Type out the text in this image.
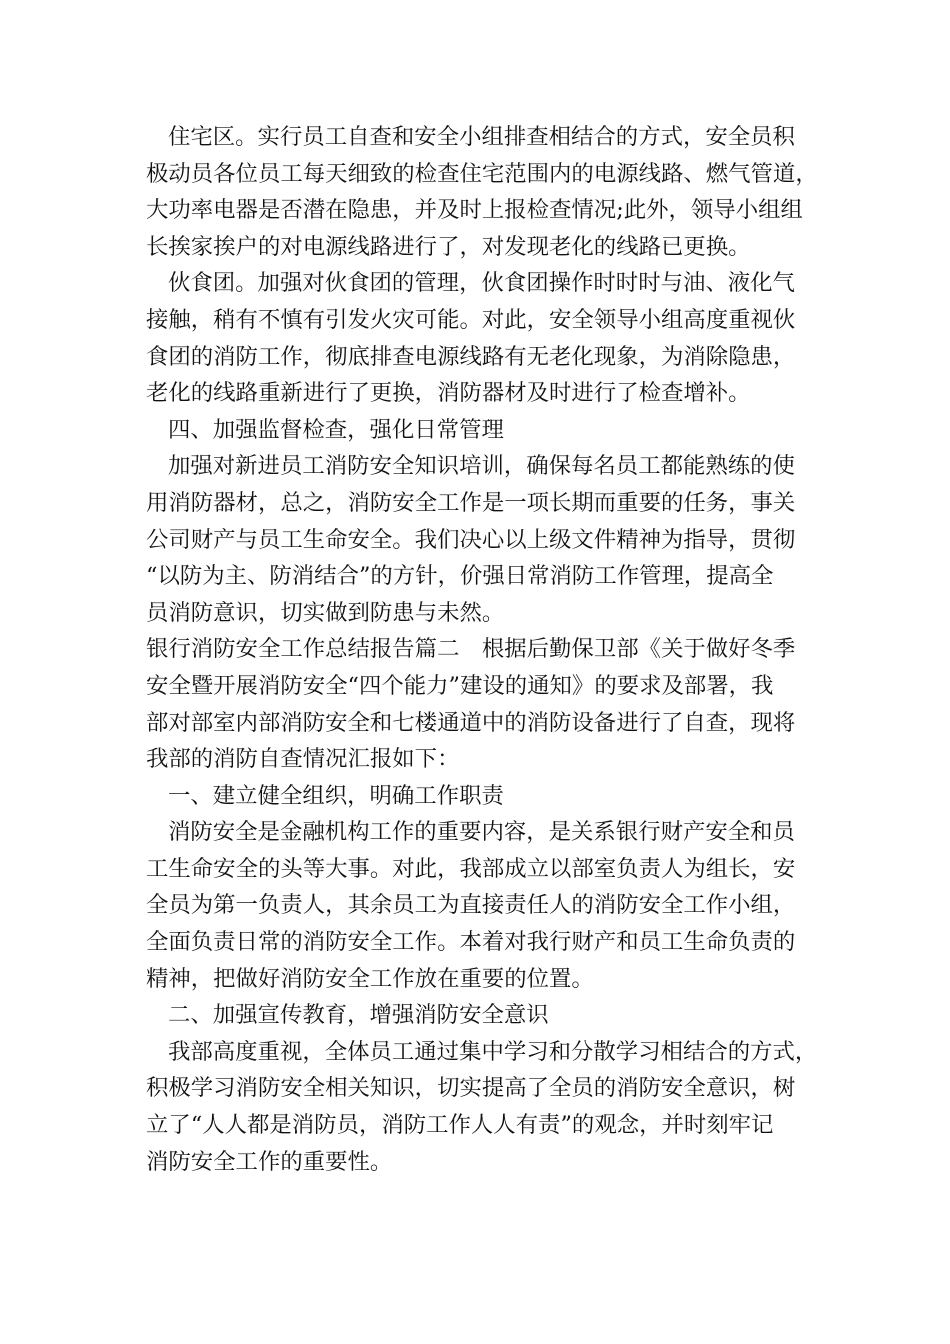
住宅区。实行员工自查和安全小组排查相结合的方式，安全员积
极动员各位员工每天细致的检查住宅范围内的电源线路、燃气管道，
大功率电器是否潜在隐患，并及时上报检查情况;此外，领导小组组
长挨家挨户的对电源线路进行了，对发现老化的线路已更换。
伙食团。加强对伙食团的管理，伙食团操作时时时与油、液化气
接触，稍有不慎有引发火灾可能。对此，安全领导小组高度重视伙
食团的消防工作，彻底排查电源线路有无老化现象，为消除隐患，
老化的线路重新进行了更换，消防器材及时进行了检查增补。
四、加强监督检查，强化日常管理
加强对新进员工消防安全知识培训，确保每名员工都能熟练的使
用消防器材，总之，消防安全工作是一项长期而重要的任务，事关
公司财产与员工生命安全。我们决心以上级文件精神为指导，贯彻
“以防为主、防消结合”的方针，价强日常消防工作管理，提高全
员消防意识，切实做到防患与未然。
银行消防安全工作总结报告篇二　根据后勤保卫部《关于做好冬季
安全暨开展消防安全“四个能力”建设的通知》的要求及部署，我
部对部室内部消防安全和七楼通道中的消防设备进行了自查，现将
我部的消防自查情况汇报如下：
一、建立健全组织，明确工作职责
消防安全是金融机构工作的重要内容，是关系银行财产安全和员
工生命安全的头等大事。对此，我部成立以部室负责人为组长，安
全员为第一负责人，其余员工为直接责任人的消防安全工作小组，
全面负责日常的消防安全工作。本着对我行财产和员工生命负责的
精神，把做好消防安全工作放在重要的位置。
二、加强宣传教育，增强消防安全意识
我部高度重视，全体员工通过集中学习和分散学习相结合的方式，
积极学习消防安全相关知识，切实提高了全员的消防安全意识，树
立了“人人都是消防员，消防工作人人有责”的观念，并时刻牢记
消防安全工作的重要性。
